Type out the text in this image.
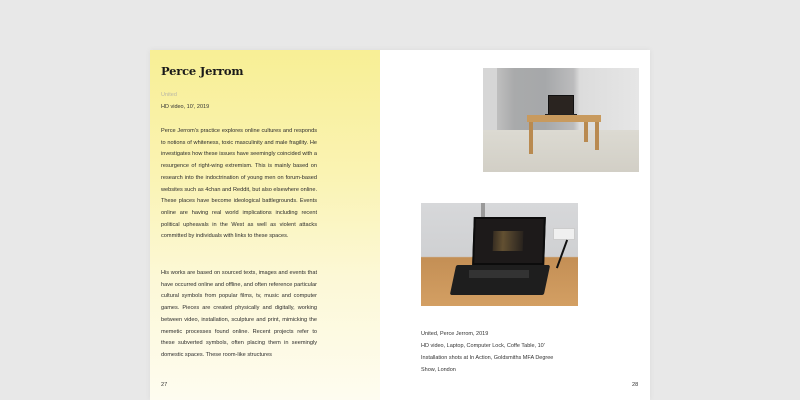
Perce Jerrom
United
HD video, 10', 2019

Perce Jerrom's practice explores online cultures and responds to notions of whiteness, toxic masculinity and male fragility. He investigates how these issues have seemingly coincided with a resurgence of right-wing extremism. This is mainly based on research into the indoctrination of young men on forum-based websites such as 4chan and Reddit, but also elsewhere online. These places have become ideological battlegrounds. Events online are having real world implications including recent political upheavals in the West as well as violent attacks committed by individuals with links to these spaces.

His works are based on sourced texts, images and events that have occurred online and offline, and often reference particular cultural symbols from popular films, tv, music and computer games. Pieces are created physically and digitally, working between video, installation, sculpture and print, mimicking the memetic processes found online. Recent projects refer to these subverted symbols, often placing them in seemingly domestic spaces. These room-like structures

27
United, Perce Jerrom, 2019
HD video, Laptop, Computer Lock, Coffe Table, 10'
Installation shots at In Action, Goldsmiths MFA Degree
Show, London
28
